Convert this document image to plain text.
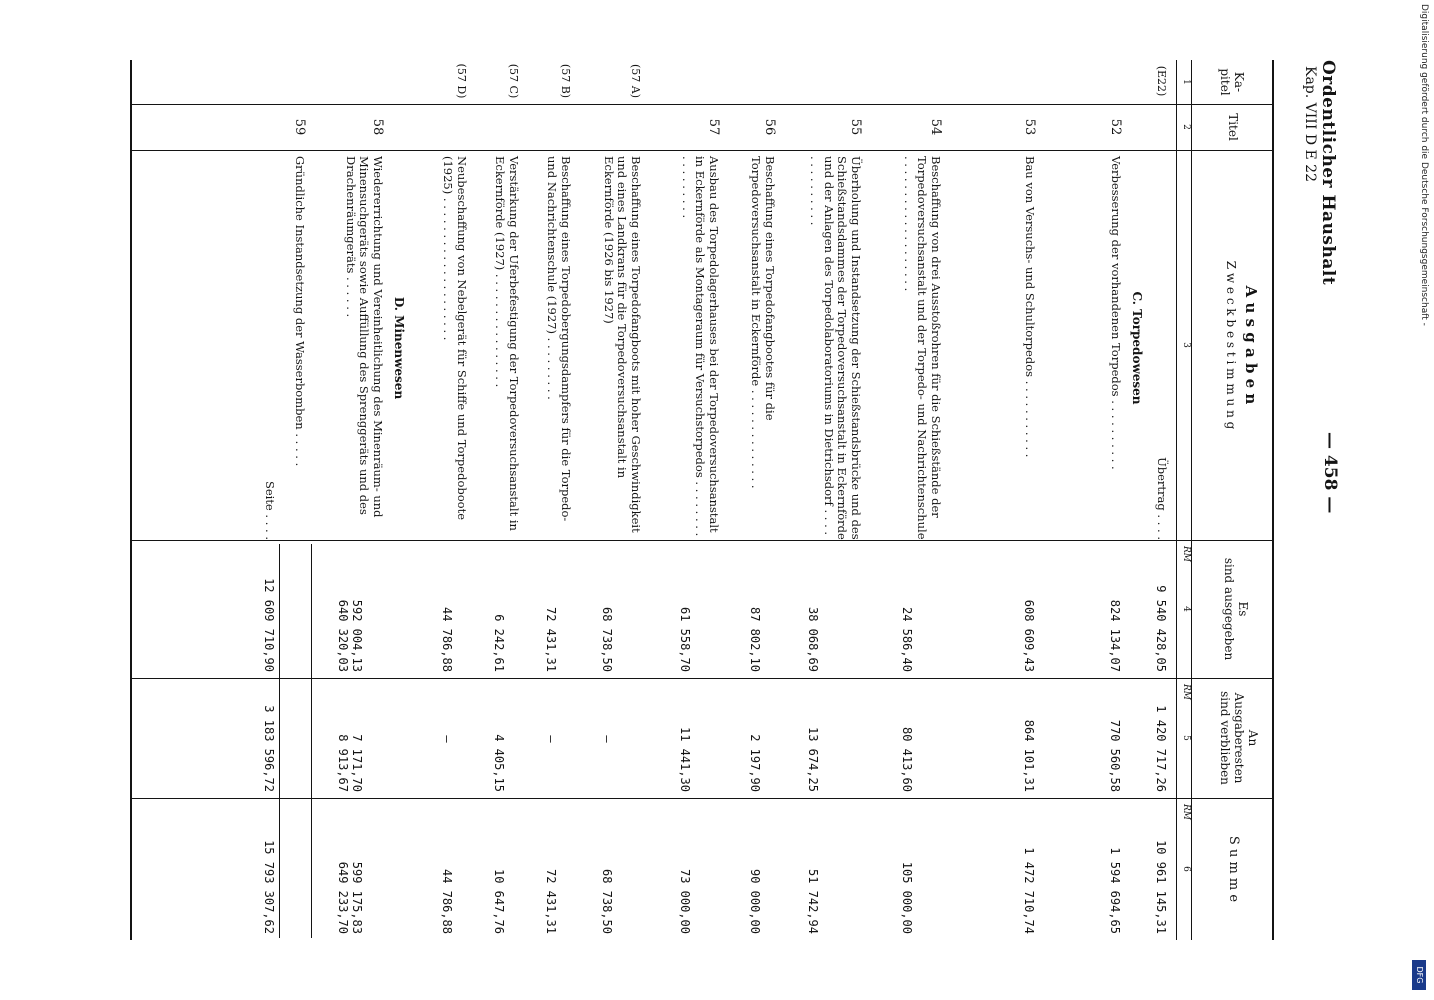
Digitalisierung gefördert durch die Deutsche Forschungsgemeinschaft -
Ordentlicher Haushalt
Kap. VIII D E 22
— 458 —
Ka-
pitel
Titel
A u s g a b e n
Z w e c k b e s t i m m u n g
Es
sind ausgegeben
An
Ausgaberesten
sind verblieben
S u m m e
1
2
3
4
5
6
RM
RM
RM
(E22)
Übertrag . . . .
9 540 428,05
1 420 717,26
10 961 145,31
C. Torpedowesen
52
Verbesserung der vorhandenen Torpedos . . . . . . . . . .
824 134,07
770 560,58
1 594 694,65
53
Bau von Versuchs- und Schultorpedos . . . . . . . . . . .
608 609,43
864 101,31
1 472 710,74
54
Beschaffung von drei Ausstoßrohren für die Schießstände der Torpedoversuchsanstalt und der Torpedo- und Nachrichtenschule . . . . . . . . . . . . . . . . . . .
24 586,40
80 413,60
105 000,00
55
Überholung und Instandsetzung der Schießstandsbrücke und des Schießstandsdammes der Torpedoversuchsanstalt in Eckernförde und der Anlagen des Torpedolaboratoriums in Dietrichsdorf . . . . . . . . . . . . . .
38 068,69
13 674,25
51 742,94
56
Beschaffung eines Torpedofangbootes für die Torpedoversuchsanstalt in Eckernförde . . . . . . . . . . . . . .
87 802,10
2 197,90
90 000,00
57
Ausbau des Torpedolagerhauses bei der Torpedoversuchsanstalt in Eckernförde als Montageraum für Versuchstorpedos . . . . . . . . . . . . . . . . .
61 558,70
11 441,30
73 000,00
(57 A)
Beschaffung eines Torpedofangboots mit hoher Geschwindigkeit und eines Landkrans für die Torpedoversuchsanstalt in Eckernförde (1926 bis 1927)
68 738,50
—
68 738,50
(57 B)
Beschaffung eines Torpedobergungsdampfers für die Torpedo- und Nachrichtenschule (1927) . . . . . . . . .
72 431,31
—
72 431,31
(57 C)
Verstärkung der Uferbefestigung der Torpedoversuchsanstalt in Eckernförde (1927) . . . . . . . . . . . . . . . .
6 242,61
4 405,15
10 647,76
(57 D)
Neubeschaffung von Nebelgerät für Schiffe und Torpedoboote (1925) . . . . . . . . . . . . . . . . . . . .
44 786,88
—
44 786,88
D. Minenwesen
58
Wiedererrichtung und Vereinheitlichung des Minenräum- und Minensuchgeräts sowie Auffüllung des Sprenggeräts und des Drachenräumgeräts . . . . . .
592 004,13
640 320,03
7 171,70
8 913,67
599 175,83
649 233,70
59
Gründliche Instandsetzung der Wasserbomben . . . . .
Seite . . . .
12 609 710,90
3 183 596,72
15 793 307,62
DFG
